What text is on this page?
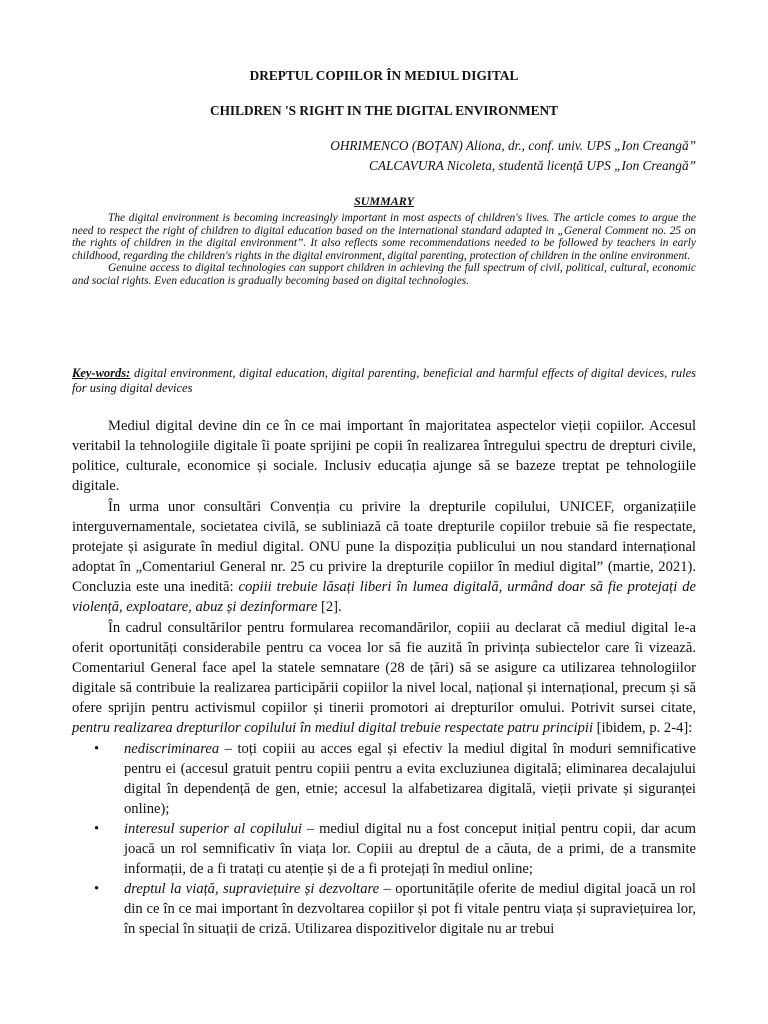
DREPTUL COPIILOR ÎN MEDIUL DIGITAL
CHILDREN 'S RIGHT IN THE DIGITAL ENVIRONMENT
OHRIMENCO (BOȚAN) Aliona, dr., conf. univ. UPS „Ion Creangă”
CALCAVURA Nicoleta, studentă licență UPS „Ion Creangă”
SUMMARY

The digital environment is becoming increasingly important in most aspects of children's lives. The article comes to argue the need to respect the right of children to digital education based on the international standard adapted in „General Comment no. 25 on the rights of children in the digital environment”. It also reflects some recommendations needed to be followed by teachers in early childhood, regarding the children's rights in the digital environment, digital parenting, protection of children in the online environment.

Genuine access to digital technologies can support children in achieving the full spectrum of civil, political, cultural, economic and social rights. Even education is gradually becoming based on digital technologies.

Key-words: digital environment, digital education, digital parenting, beneficial and harmful effects of digital devices, rules for using digital devices

Mediul digital devine din ce în ce mai important în majoritatea aspectelor vieții copiilor. Accesul veritabil la tehnologiile digitale îi poate sprijini pe copii în realizarea întregului spectru de drepturi civile, politice, culturale, economice și sociale. Inclusiv educația ajunge să se bazeze treptat pe tehnologiile digitale.

În urma unor consultări Convenția cu privire la drepturile copilului, UNICEF, organizațiile interguvernamentale, societatea civilă, se subliniază că toate drepturile copiilor trebuie să fie respectate, protejate și asigurate în mediul digital. ONU pune la dispoziția publicului un nou standard internațional adoptat în „Comentariul General nr. 25 cu privire la drepturile copiilor în mediul digital” (martie, 2021). Concluzia este una inedită: copiii trebuie lăsați liberi în lumea digitală, urmând doar să fie protejați de violență, exploatare, abuz și dezinformare [2].

În cadrul consultărilor pentru formularea recomandărilor, copiii au declarat că mediul digital le-a oferit oportunități considerabile pentru ca vocea lor să fie auzită în privința subiectelor care îi vizează. Comentariul General face apel la statele semnatare (28 de țări) să se asigure ca utilizarea tehnologiilor digitale să contribuie la realizarea participării copiilor la nivel local, național și internațional, precum și să ofere sprijin pentru activismul copiilor și tinerii promotori ai drepturilor omului. Potrivit sursei citate, pentru realizarea drepturilor copilului în mediul digital trebuie respectate patru principii [ibidem, p. 2-4]:

• nediscriminarea – toți copiii au acces egal și efectiv la mediul digital în moduri semnificative pentru ei (accesul gratuit pentru copiii pentru a evita excluziunea digitală; eliminarea decalajului digital în dependență de gen, etnie; accesul la alfabetizarea digitală, vieții private și siguranței online);
• interesul superior al copilului – mediul digital nu a fost conceput inițial pentru copii, dar acum joacă un rol semnificativ în viața lor. Copiii au dreptul de a căuta, de a primi, de a transmite informații, de a fi tratați cu atenție și de a fi protejați în mediul online;
• dreptul la viață, supraviețuire și dezvoltare – oportunitățile oferite de mediul digital joacă un rol din ce în ce mai important în dezvoltarea copiilor și pot fi vitale pentru viața și supraviețuirea lor, în special în situații de criză. Utilizarea dispozitivelor digitale nu ar trebui
